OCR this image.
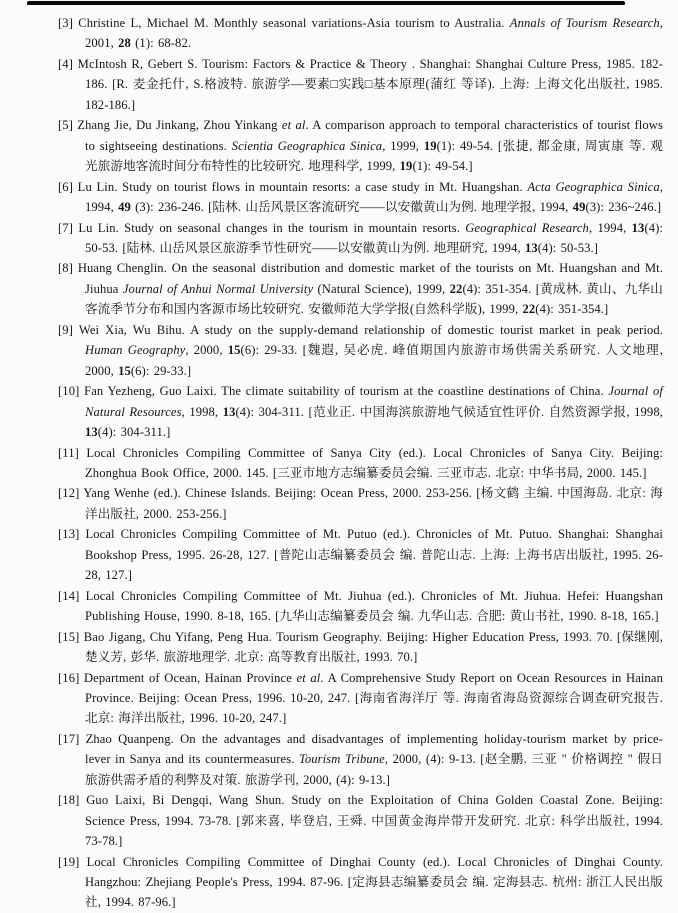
[3] Christine L, Michael M. Monthly seasonal variations-Asia tourism to Australia. Annals of Tourism Research, 2001, 28 (1): 68-82.
[4] McIntosh R, Gebert S. Tourism: Factors & Practice & Theory . Shanghai: Shanghai Culture Press, 1985. 182-186. [R. 麦金托什, S.格波特. 旅游学—要素□实践□基本原理(蒲红 等译). 上海: 上海文化出版社, 1985. 182-186.]
[5] Zhang Jie, Du Jinkang, Zhou Yinkang et al. A comparison approach to temporal characteristics of tourist flows to sightseeing destinations. Scientia Geographica Sinica, 1999, 19(1): 49-54. [张捷, 都金康, 周寅康 等. 观光旅游地客流时间分布特性的比较研究. 地理科学, 1999, 19(1): 49-54.]
[6] Lu Lin. Study on tourist flows in mountain resorts: a case study in Mt. Huangshan. Acta Geographica Sinica, 1994, 49 (3): 236-246. [陆林. 山岳风景区客流研究——以安徽黄山为例. 地理学报, 1994, 49(3): 236~246.]
[7] Lu Lin. Study on seasonal changes in the tourism in mountain resorts. Geographical Research, 1994, 13(4): 50-53. [陆林. 山岳风景区旅游季节性研究——以安徽黄山为例. 地理研究, 1994, 13(4): 50-53.]
[8] Huang Chenglin. On the seasonal distribution and domestic market of the tourists on Mt. Huangshan and Mt. Jiuhua Journal of Anhui Normal University (Natural Science), 1999, 22(4): 351-354. [黄成林. 黄山、九华山客流季节分布和国内客源市场比较研究. 安徽师范大学学报(自然科学版), 1999, 22(4): 351-354.]
[9] Wei Xia, Wu Bihu. A study on the supply-demand relationship of domestic tourist market in peak period. Human Geography, 2000, 15(6): 29-33. [魏遐, 吴必虎. 峰值期国内旅游市场供需关系研究. 人文地理, 2000, 15(6): 29-33.]
[10] Fan Yezheng, Guo Laixi. The climate suitability of tourism at the coastline destinations of China. Journal of Natural Resources, 1998, 13(4): 304-311. [范业正. 中国海滨旅游地气候适宜性评价. 自然资源学报, 1998, 13(4): 304-311.]
[11] Local Chronicles Compiling Committee of Sanya City (ed.). Local Chronicles of Sanya City. Beijing: Zhonghua Book Office, 2000. 145. [三亚市地方志编纂委员会编. 三亚市志. 北京: 中华书局, 2000. 145.]
[12] Yang Wenhe (ed.). Chinese Islands. Beijing: Ocean Press, 2000. 253-256. [杨文鹤 主编. 中国海岛. 北京: 海洋出版社, 2000. 253-256.]
[13] Local Chronicles Compiling Committee of Mt. Putuo (ed.). Chronicles of Mt. Putuo. Shanghai: Shanghai Bookshop Press, 1995. 26-28, 127. [普陀山志编纂委员会 编. 普陀山志. 上海: 上海书店出版社, 1995. 26-28, 127.]
[14] Local Chronicles Compiling Committee of Mt. Jiuhua (ed.). Chronicles of Mt. Jiuhua. Hefei: Huangshan Publishing House, 1990. 8-18, 165. [九华山志编纂委员会 编. 九华山志. 合肥: 黄山书社, 1990. 8-18, 165.]
[15] Bao Jigang, Chu Yifang, Peng Hua. Tourism Geography. Beijing: Higher Education Press, 1993. 70. [保继刚, 楚义芳, 彭华. 旅游地理学. 北京: 高等教育出版社, 1993. 70.]
[16] Department of Ocean, Hainan Province et al. A Comprehensive Study Report on Ocean Resources in Hainan Province. Beijing: Ocean Press, 1996. 10-20, 247. [海南省海洋厅 等. 海南省海岛资源综合调查研究报告. 北京: 海洋出版社, 1996. 10-20, 247.]
[17] Zhao Quanpeng. On the advantages and disadvantages of implementing holiday-tourism market by price-lever in Sanya and its countermeasures. Tourism Tribune, 2000, (4): 9-13. [赵全鹏. 三亚 " 价格调控 " 假日旅游供需矛盾的利弊及对策. 旅游学刊, 2000, (4): 9-13.]
[18] Guo Laixi, Bi Dengqi, Wang Shun. Study on the Exploitation of China Golden Coastal Zone. Beijing: Science Press, 1994. 73-78. [郭来喜, 毕登启, 王舜. 中国黄金海岸带开发研究. 北京: 科学出版社, 1994. 73-78.]
[19] Local Chronicles Compiling Committee of Dinghai County (ed.). Local Chronicles of Dinghai County. Hangzhou: Zhejiang People's Press, 1994. 87-96. [定海县志编纂委员会 编. 定海县志. 杭州: 浙江人民出版社, 1994. 87-96.]
